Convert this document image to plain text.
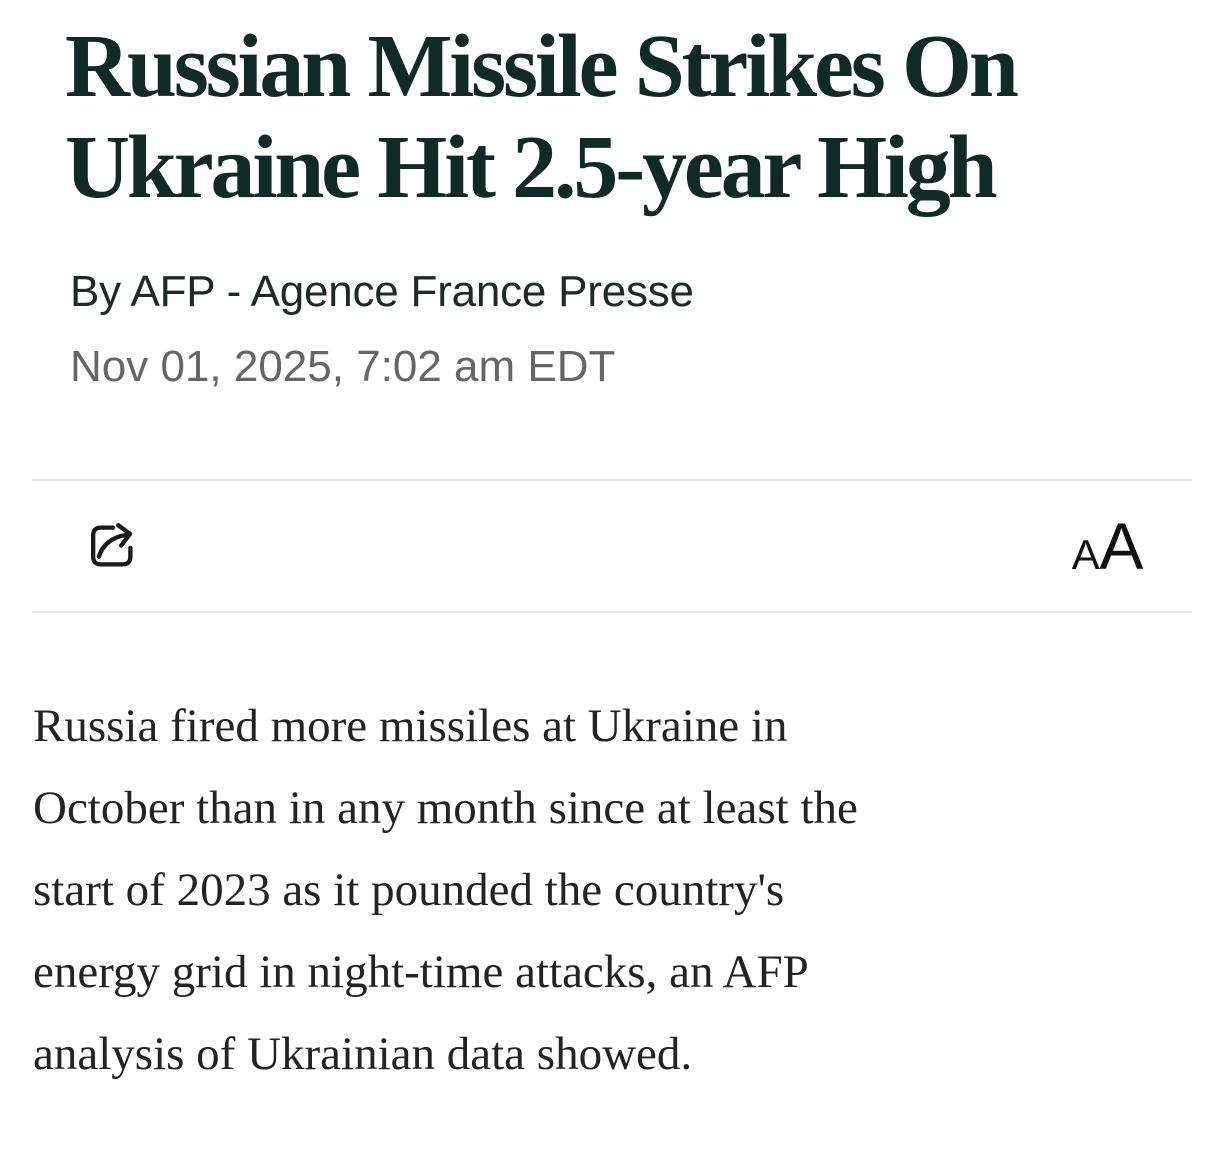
Russian Missile Strikes On
Ukraine Hit 2.5-year High
By AFP - Agence France Presse
Nov 01, 2025, 7:02 am EDT
A A

Russia fired more missiles at Ukraine in
October than in any month since at least the
start of 2023 as it pounded the country's
energy grid in night-time attacks, an AFP
analysis of Ukrainian data showed.
